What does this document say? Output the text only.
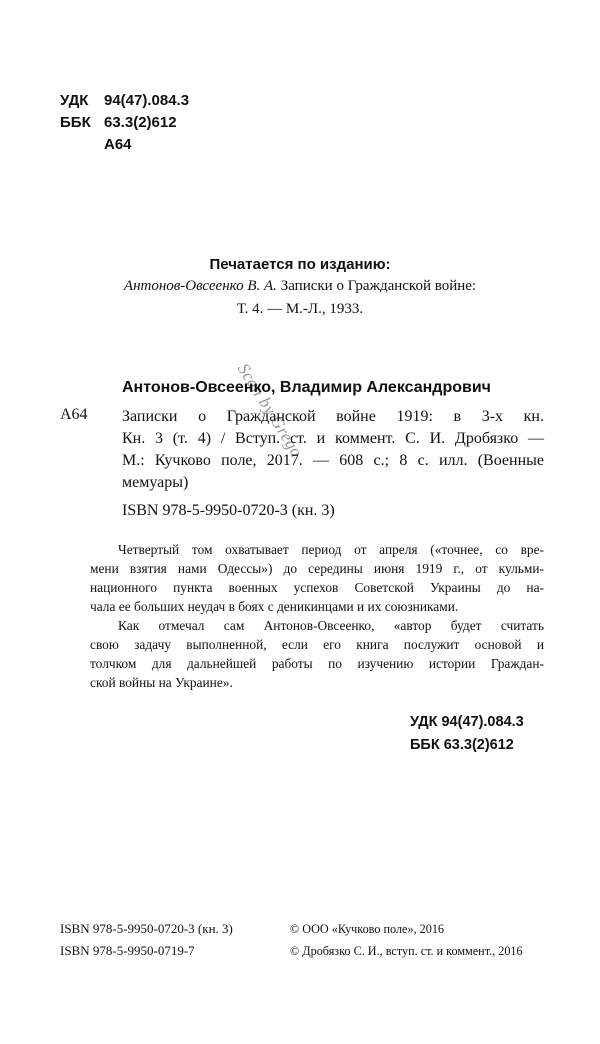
УДК	94(47).084.3
ББК 63.3(2)612
А64
Печатается по изданию:
Антонов-Овсеенко В. А. Записки о Гражданской войне:
Т. 4. — М.-Л., 1933.
Scan by Grego
Антонов-Овсеенко, Владимир Александрович
А64 Записки о Гражданской войне 1919: в 3-х кн.
Кн. 3 (т. 4) / Вступ. ст. и коммент. С. И. Дробязко —
М.: Кучково поле, 2017. — 608 с.; 8 с. илл. (Военные
мемуары)
ISBN 978-5-9950-0720-3 (кн. 3)
Четвертый том охватывает период от апреля («точнее, со вре-
мени взятия нами Одессы») до середины июня 1919 г., от кульми-
национного пункта военных успехов Советской Украины до на-
чала ее больших неудач в боях с деникинцами и их союзниками.
Как отмечал сам Антонов-Овсеенко, «автор будет считать
свою задачу выполненной, если его книга послужит основой и
толчком для дальнейшей работы по изучению истории Граждан-
ской войны на Украине».
УДК 94(47).084.3
ББК 63.3(2)612
ISBN 978-5-9950-0720-3 (кн. 3)
ISBN 978-5-9950-0719-7
© ООО «Кучково поле», 2016
© Дробязко С. И., вступ. ст. и коммент., 2016
